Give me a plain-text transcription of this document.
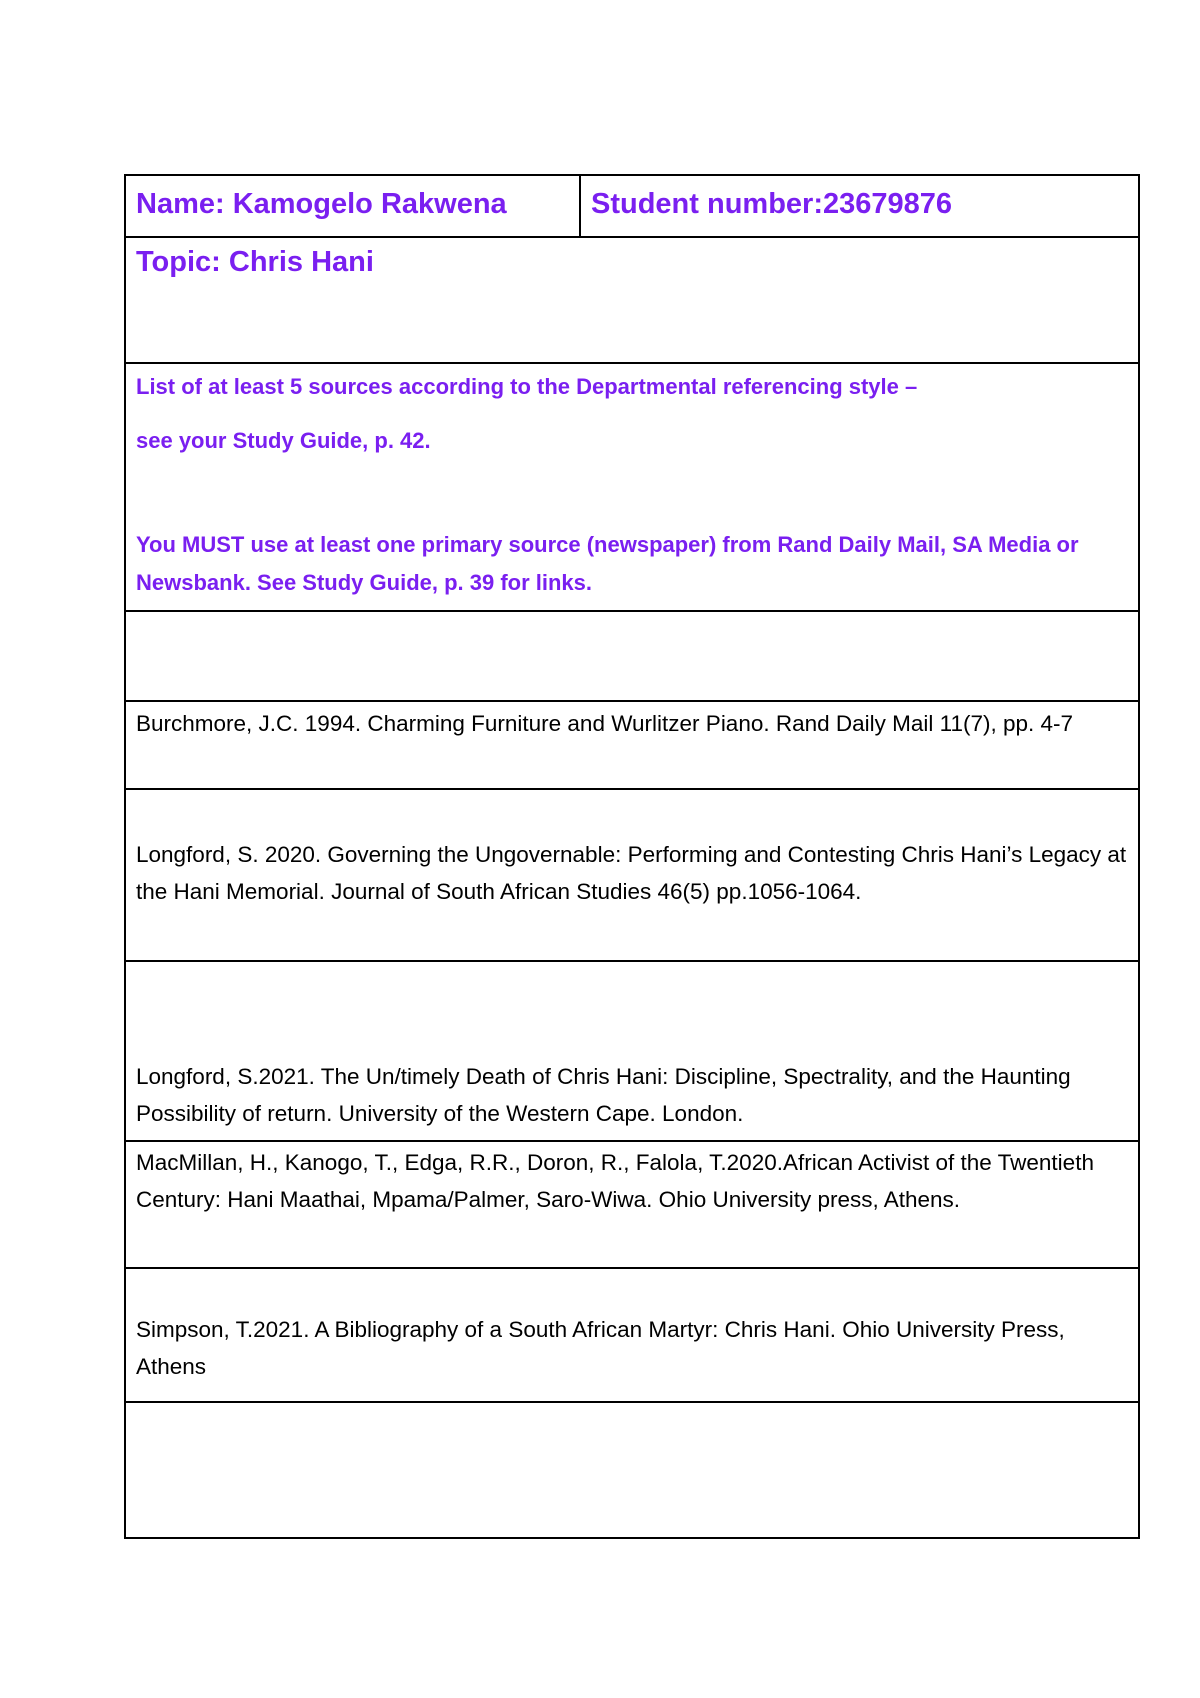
Name: Kamogelo Rakwena	Student number:23679876
Topic: Chris Hani

List of at least 5 sources according to the Departmental referencing style –

see your Study Guide, p. 42.

You MUST use at least one primary source (newspaper) from Rand Daily Mail, SA Media or Newsbank. See Study Guide, p. 39 for links.

Burchmore, J.C. 1994. Charming Furniture and Wurlitzer Piano. Rand Daily Mail 11(7), pp. 4-7

Longford, S. 2020. Governing the Ungovernable: Performing and Contesting Chris Hani’s Legacy at the Hani Memorial. Journal of South African Studies 46(5) pp.1056-1064.

Longford, S.2021. The Un/timely Death of Chris Hani: Discipline, Spectrality, and the Haunting Possibility of return. University of the Western Cape. London.

MacMillan, H., Kanogo, T., Edga, R.R., Doron, R., Falola, T.2020.African Activist of the Twentieth Century: Hani Maathai, Mpama/Palmer, Saro-Wiwa. Ohio University press, Athens.

Simpson, T.2021. A Bibliography of a South African Martyr: Chris Hani. Ohio University Press, Athens
